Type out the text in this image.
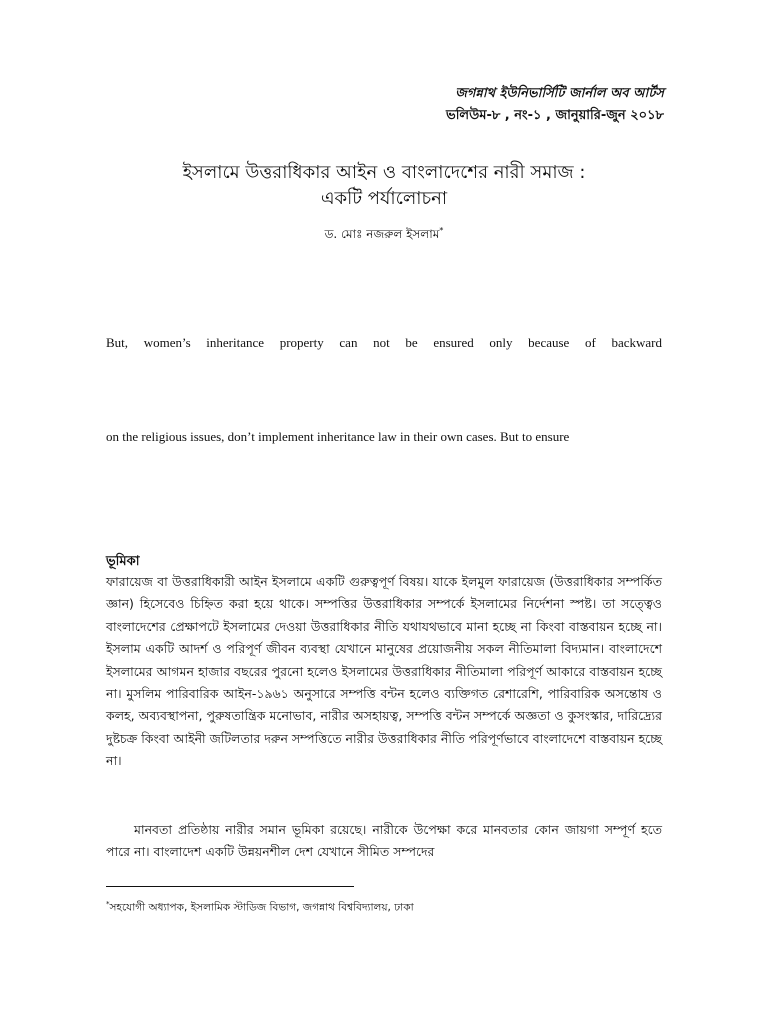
জগন্নাথ ইউনিভার্সিটি জার্নাল অব আর্টস
ভলিউম-৮ , নং-১ , জানুয়ারি-জুন ২০১৮
ইসলামে উত্তরাধিকার আইন ও বাংলাদেশের নারী সমাজ :
একটি পর্যালোচনা
ড. মোঃ নজরুল ইসলাম*
But, women’s inheritance property can not be ensured only because of backward
on the religious issues, don’t implement inheritance law in their own cases. But to ensure
ভূমিকা

ফারায়েজ বা উত্তরাধিকারী আইন ইসলামে একটি গুরুত্বপূর্ণ বিষয়। যাকে ইলমুল ফারায়েজ (উত্তরাধিকার সম্পর্কিত জ্ঞান) হিসেবেও চিহ্নিত করা হয়ে থাকে। সম্পত্তির উত্তরাধিকার সম্পর্কে ইসলামের নির্দেশনা স্পষ্ট। তা সত্ত্বেও বাংলাদেশের প্রেক্ষাপটে ইসলামের দেওয়া উত্তরাধিকার নীতি যথাযথভাবে মানা হচ্ছে না কিংবা বাস্তবায়ন হচ্ছে না। ইসলাম একটি আদর্শ ও পরিপূর্ণ জীবন ব্যবস্থা যেখানে মানুষের প্রয়োজনীয় সকল নীতিমালা বিদ্যমান। বাংলাদেশে ইসলামের আগমন হাজার বছরের পুরনো হলেও ইসলামের উত্তরাধিকার নীতিমালা পরিপূর্ণ আকারে বাস্তবায়ন হচ্ছে না। মুসলিম পারিবারিক আইন-১৯৬১ অনুসারে সম্পত্তি বন্টন হলেও ব্যক্তিগত রেশারেশি, পারিবারিক অসন্তোষ ও কলহ, অব্যবস্থাপনা, পুরুষতান্ত্রিক মনোভাব, নারীর অসহায়ত্ব, সম্পত্তি বন্টন সম্পর্কে অজ্ঞতা ও কুসংস্কার, দারিদ্র্যের দুষ্টচক্র কিংবা আইনী জটিলতার দরুন সম্পত্তিতে নারীর উত্তরাধিকার নীতি পরিপূর্ণভাবে বাংলাদেশে বাস্তবায়ন হচ্ছে না।

মানবতা প্রতিষ্ঠায় নারীর সমান ভূমিকা রয়েছে। নারীকে উপেক্ষা করে মানবতার কোন জায়গা সম্পূর্ণ হতে পারে না। বাংলাদেশ একটি উন্নয়নশীল দেশ যেখানে সীমিত সম্পদের

*সহযোগী অধ্যাপক, ইসলামিক স্টাডিজ বিভাগ, জগন্নাথ বিশ্ববিদ্যালয়, ঢাকা
